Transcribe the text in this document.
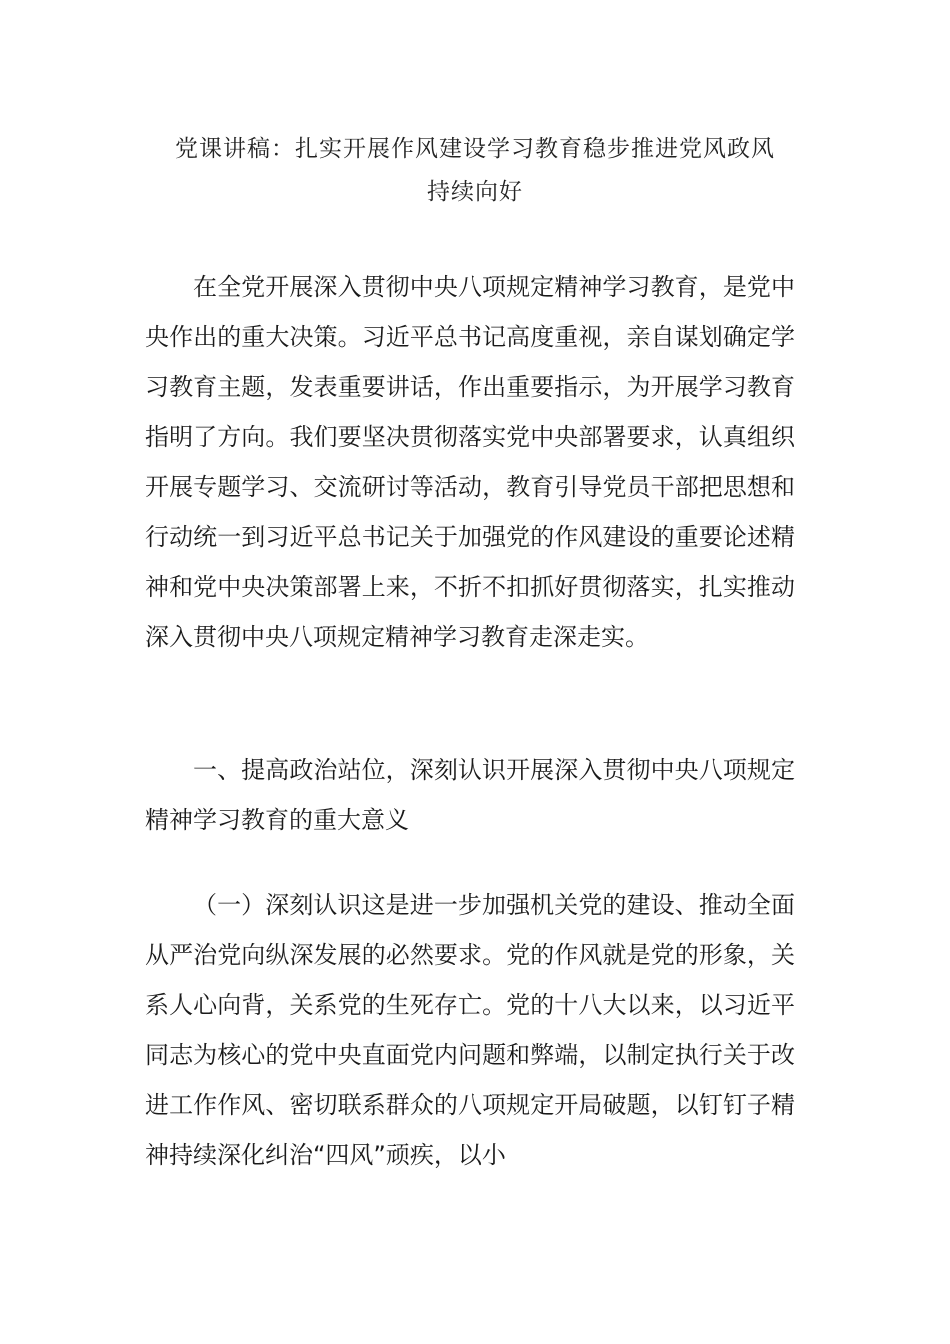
党课讲稿：扎实开展作风建设学习教育稳步推进党风政风
持续向好

在全党开展深入贯彻中央八项规定精神学习教育，是党中央作出的重大决策。习近平总书记高度重视，亲自谋划确定学习教育主题，发表重要讲话，作出重要指示，为开展学习教育指明了方向。我们要坚决贯彻落实党中央部署要求，认真组织开展专题学习、交流研讨等活动，教育引导党员干部把思想和行动统一到习近平总书记关于加强党的作风建设的重要论述精神和党中央决策部署上来，不折不扣抓好贯彻落实，扎实推动深入贯彻中央八项规定精神学习教育走深走实。

一、提高政治站位，深刻认识开展深入贯彻中央八项规定精神学习教育的重大意义

（一）深刻认识这是进一步加强机关党的建设、推动全面从严治党向纵深发展的必然要求。党的作风就是党的形象，关系人心向背，关系党的生死存亡。党的十八大以来，以习近平同志为核心的党中央直面党内问题和弊端，以制定执行关于改进工作作风、密切联系群众的八项规定开局破题，以钉钉子精神持续深化纠治“四风”顽疾，以小
